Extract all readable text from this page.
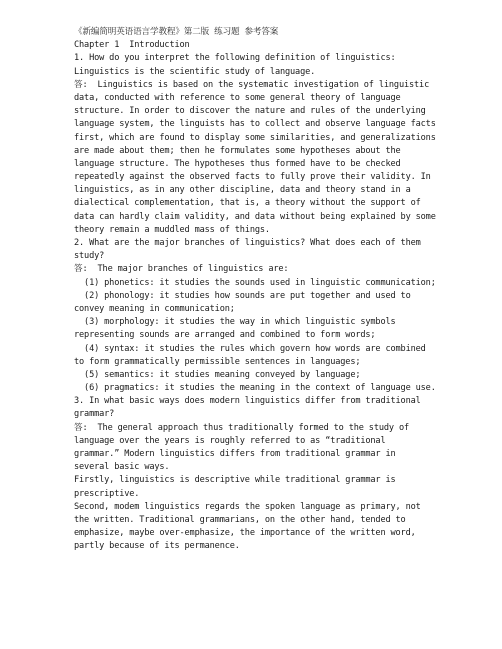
《新编简明英语语言学教程》第二版 练习题 参考答案
Chapter 1  Introduction
1. How do you interpret the following definition of linguistics:
Linguistics is the scientific study of language.
答:  Linguistics is based on the systematic investigation of linguistic
data, conducted with reference to some general theory of language
structure. In order to discover the nature and rules of the underlying
language system, the linguists has to collect and observe language facts
first, which are found to display some similarities, and generalizations
are made about them; then he formulates some hypotheses about the
language structure. The hypotheses thus formed have to be checked
repeatedly against the observed facts to fully prove their validity. In
linguistics, as in any other discipline, data and theory stand in a
dialectical complementation, that is, a theory without the support of
data can hardly claim validity, and data without being explained by some
theory remain a muddled mass of things.
2. What are the major branches of linguistics? What does each of them
study?
答:  The major branches of linguistics are:
(1) phonetics: it studies the sounds used in linguistic communication;
(2) phonology: it studies how sounds are put together and used to
convey meaning in communication;
(3) morphology: it studies the way in which linguistic symbols
representing sounds are arranged and combined to form words;
(4) syntax: it studies the rules which govern how words are combined
to form grammatically permissible sentences in languages;
(5) semantics: it studies meaning conveyed by language;
(6) pragmatics: it studies the meaning in the context of language use.
3. In what basic ways does modern linguistics differ from traditional
grammar?
答:  The general approach thus traditionally formed to the study of
language over the years is roughly referred to as “traditional
grammar.” Modern linguistics differs from traditional grammar in
several basic ways.
Firstly, linguistics is descriptive while traditional grammar is
prescriptive.
Second, modem linguistics regards the spoken language as primary, not
the written. Traditional grammarians, on the other hand, tended to
emphasize, maybe over-emphasize, the importance of the written word,
partly because of its permanence.
